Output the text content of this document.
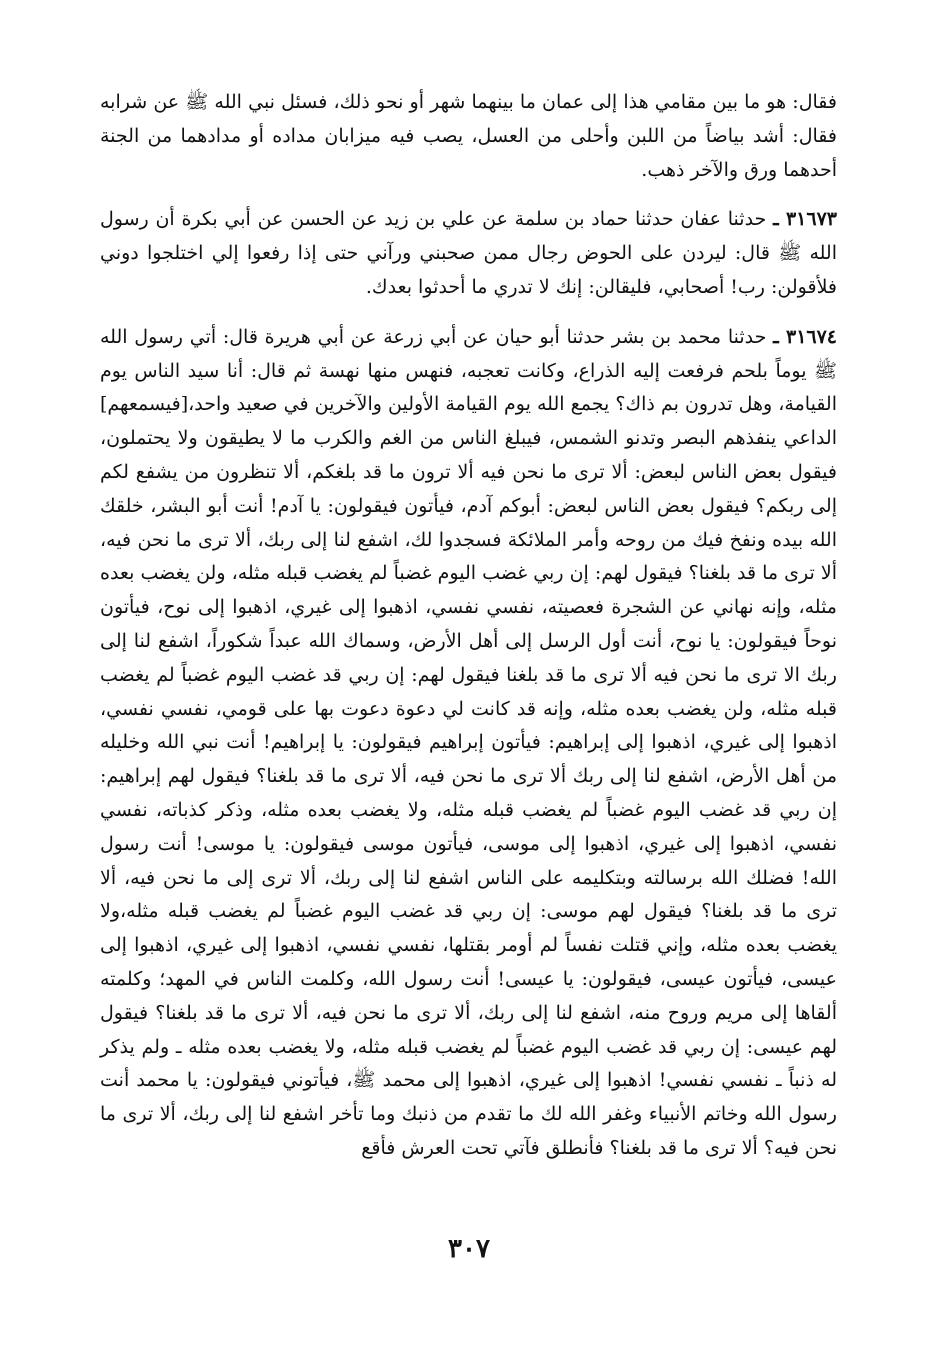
فقال: هو ما بين مقامي هذا إلى عمان ما بينهما شهر أو نحو ذلك، فسئل نبي الله ﷺ عن شرابه فقال: أشد بياضاً من اللبن وأحلى من العسل، يصب فيه ميزابان مداده أو مدادهما من الجنة أحدهما ورق والآخر ذهب.

٣١٦٧٣ ـ حدثنا عفان حدثنا حماد بن سلمة عن علي بن زيد عن الحسن عن أبي بكرة أن رسول الله ﷺ قال: ليردن على الحوض رجال ممن صحبني ورآني حتى إذا رفعوا إلي اختلجوا دوني فلأقولن: رب! أصحابي، فليقالن: إنك لا تدري ما أحدثوا بعدك.

٣١٦٧٤ ـ حدثنا محمد بن بشر حدثنا أبو حيان عن أبي زرعة عن أبي هريرة قال: أتي رسول الله ﷺ يوماً بلحم فرفعت إليه الذراع، وكانت تعجبه، فنهس منها نهسة ثم قال: أنا سيد الناس يوم القيامة، وهل تدرون بم ذاك؟ يجمع الله يوم القيامة الأولين والآخرين في صعيد واحد،[فيسمعهم] الداعي ينفذهم البصر وتدنو الشمس، فيبلغ الناس من الغم والكرب ما لا يطيقون ولا يحتملون، فيقول بعض الناس لبعض: ألا ترى ما نحن فيه ألا ترون ما قد بلغكم، ألا تنظرون من يشفع لكم إلى ربكم؟ فيقول بعض الناس لبعض: أبوكم آدم، فيأتون فيقولون: يا آدم! أنت أبو البشر، خلقك الله بيده ونفخ فيك من روحه وأمر الملائكة فسجدوا لك، اشفع لنا إلى ربك، ألا ترى ما نحن فيه، ألا ترى ما قد بلغنا؟ فيقول لهم: إن ربي غضب اليوم غضباً لم يغضب قبله مثله، ولن يغضب بعده مثله، وإنه نهاني عن الشجرة فعصيته، نفسي نفسي، اذهبوا إلى غيري، اذهبوا إلى نوح، فيأتون نوحاً فيقولون: يا نوح، أنت أول الرسل إلى أهل الأرض، وسماك الله عبداً شكوراً، اشفع لنا إلى ربك الا ترى ما نحن فيه ألا ترى ما قد بلغنا فيقول لهم: إن ربي قد غضب اليوم غضباً لم يغضب قبله مثله، ولن يغضب بعده مثله، وإنه قد كانت لي دعوة دعوت بها على قومي، نفسي نفسي، اذهبوا إلى غيري، اذهبوا إلى إبراهيم: فيأتون إبراهيم فيقولون: يا إبراهيم! أنت نبي الله وخليله من أهل الأرض، اشفع لنا إلى ربك ألا ترى ما نحن فيه، ألا ترى ما قد بلغنا؟ فيقول لهم إبراهيم: إن ربي قد غضب اليوم غضباً لم يغضب قبله مثله، ولا يغضب بعده مثله، وذكر كذباته، نفسي نفسي، اذهبوا إلى غيري، اذهبوا إلى موسى، فيأتون موسى فيقولون: يا موسى! أنت رسول الله! فضلك الله برسالته وبتكليمه على الناس اشفع لنا إلى ربك، ألا ترى إلى ما نحن فيه، ألا ترى ما قد بلغنا؟ فيقول لهم موسى: إن ربي قد غضب اليوم غضباً لم يغضب قبله مثله،ولا يغضب بعده مثله، وإني قتلت نفساً لم أومر بقتلها، نفسي نفسي، اذهبوا إلى غيري، اذهبوا إلى عيسى، فيأتون عيسى، فيقولون: يا عيسى! أنت رسول الله، وكلمت الناس في المهد؛ وكلمته ألقاها إلى مريم وروح منه، اشفع لنا إلى ربك، ألا ترى ما نحن فيه، ألا ترى ما قد بلغنا؟ فيقول لهم عيسى: إن ربي قد غضب اليوم غضباً لم يغضب قبله مثله، ولا يغضب بعده مثله ـ ولم يذكر له ذنباً ـ نفسي نفسي! اذهبوا إلى غيري، اذهبوا إلى محمد ﷺ، فيأتوني فيقولون: يا محمد أنت رسول الله وخاتم الأنبياء وغفر الله لك ما تقدم من ذنبك وما تأخر اشفع لنا إلى ربك، ألا ترى ما نحن فيه؟ ألا ترى ما قد بلغنا؟ فأنطلق فآتي تحت العرش فأقع

٣٠٧
